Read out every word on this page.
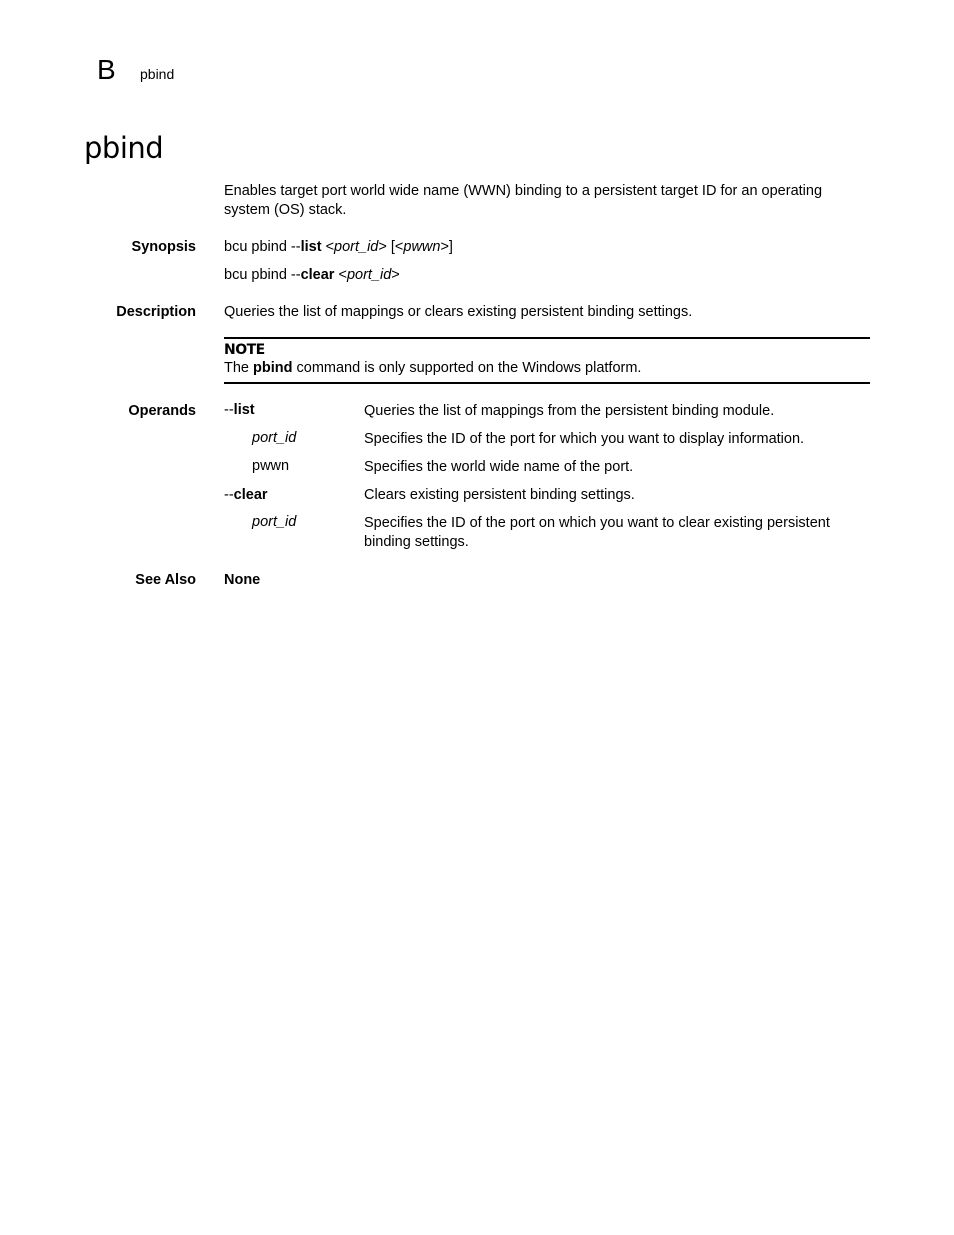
B pbind
pbind
Enables target port world wide name (WWN) binding to a persistent target ID for an operating system (OS) stack.
Synopsis bcu pbind --list <port_id> [<pwwn>]
bcu pbind --clear <port_id>
Description Queries the list of mappings or clears existing persistent binding settings.
NOTE
The pbind command is only supported on the Windows platform.
Operands --list	Queries the list of mappings from the persistent binding module.
port_id	Specifies the ID of the port for which you want to display information.
pwwn	Specifies the world wide name of the port.
--clear	Clears existing persistent binding settings.
port_id	Specifies the ID of the port on which you want to clear existing persistent binding settings.
See Also None
